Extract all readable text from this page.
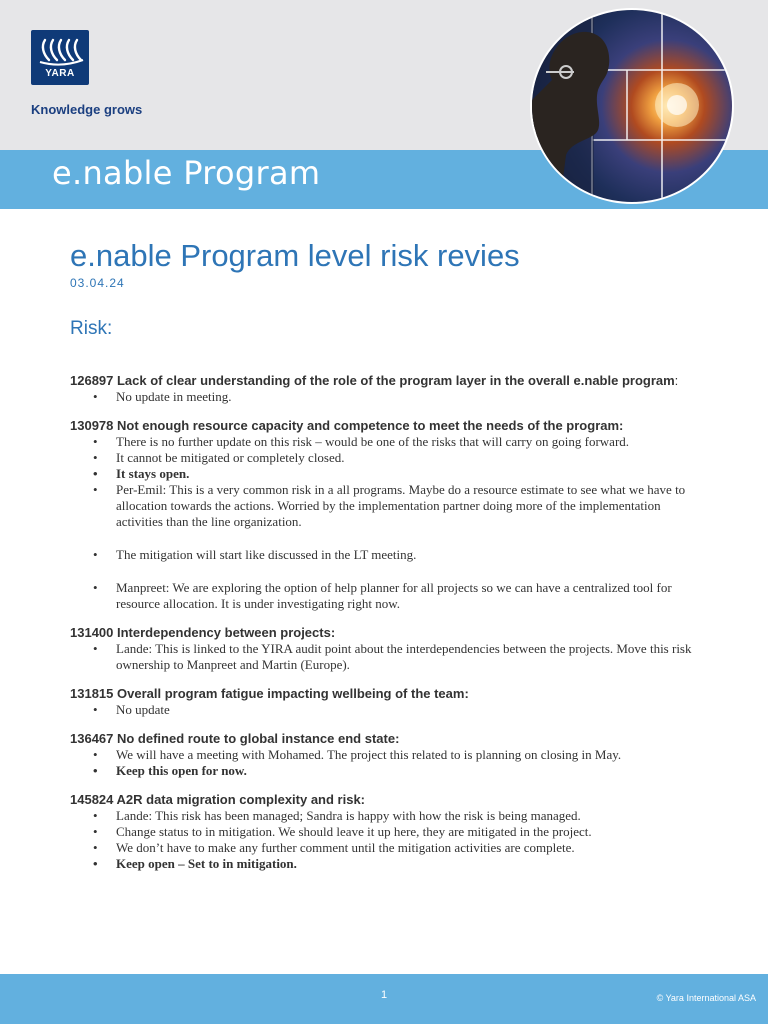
YARA
Knowledge grows
e.nable Program
e.nable Program level risk revies
03.04.24
Risk:
126897 Lack of clear understanding of the role of the program layer in the overall e.nable program:
• No update in meeting.
130978 Not enough resource capacity and competence to meet the needs of the program:
• There is no further update on this risk – would be one of the risks that will carry on going forward.
• It cannot be mitigated or completely closed.
• It stays open.
• Per-Emil: This is a very common risk in a all programs. Maybe do a resource estimate to see what we have to allocation towards the actions. Worried by the implementation partner doing more of the implementation activities than the line organization.
• The mitigation will start like discussed in the LT meeting.
• Manpreet: We are exploring the option of help planner for all projects so we can have a centralized tool for resource allocation. It is under investigating right now.
131400 Interdependency between projects:
• Lande: This is linked to the YIRA audit point about the interdependencies between the projects. Move this risk ownership to Manpreet and Martin (Europe).
131815 Overall program fatigue impacting wellbeing of the team:
• No update
136467 No defined route to global instance end state:
• We will have a meeting with Mohamed. The project this related to is planning on closing in May.
• Keep this open for now.
145824 A2R data migration complexity and risk:
• Lande: This risk has been managed; Sandra is happy with how the risk is being managed.
• Change status to in mitigation. We should leave it up here, they are mitigated in the project.
• We don’t have to make any further comment until the mitigation activities are complete.
• Keep open – Set to in mitigation.
1	© Yara International ASA
